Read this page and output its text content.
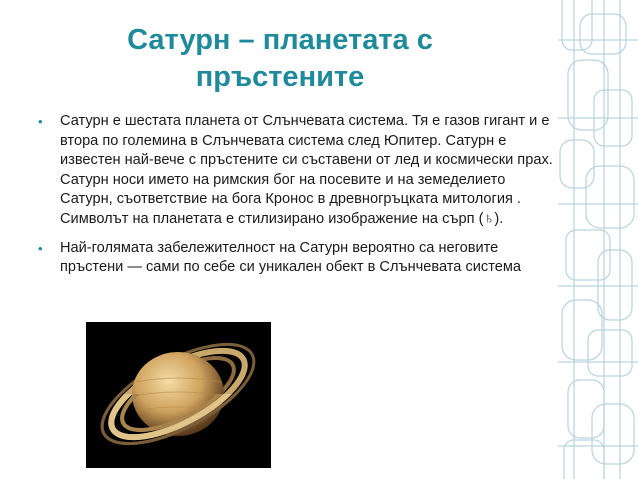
Сатурн – планетата с пръстените
• Сатурн е шестата планета от Слънчевата система. Тя е газов гигант и е втора по големина в Слънчевата система след Юпитер. Сатурн е известен най-вече с пръстените си съставени от лед и космически прах. Сатурн носи името на римския бог на посевите и на земеделието Сатурн, съответствие на бога Кронос в древногръцката митология . Символът на планетата е стилизирано изображение на сърп (♄).
• Най-голямата забележителност на Сатурн вероятно са неговите пръстени — сами по себе си уникален обект в Слънчевата система
